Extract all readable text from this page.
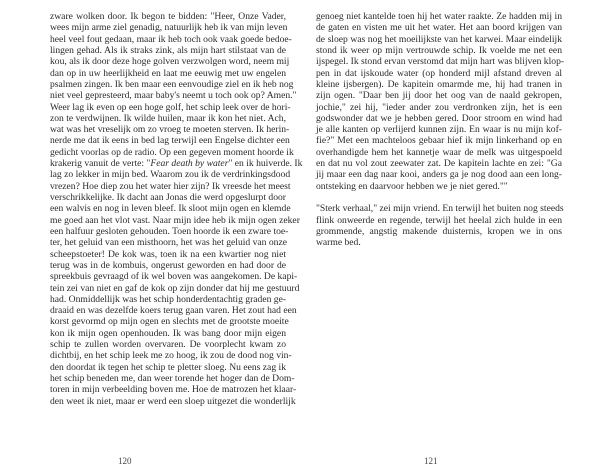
zware wolken door. Ik begon te bidden: "Heer, Onze Vader,
wees mijn arme ziel genadig, natuurlijk heb ik van mijn leven
heel veel fout gedaan, maar ik heb toch ook vaak goede bedoe-
lingen gehad. Als ik straks zink, als mijn hart stilstaat van de
kou, als ik door deze hoge golven verzwolgen word, neem mij
dan op in uw heerlijkheid en laat me eeuwig met uw engelen
psalmen zingen. Ik ben maar een eenvoudige ziel en ik heb nog
niet veel gepresteerd, maar baby's neemt u toch ook op? Amen."
Weer lag ik even op een hoge golf, het schip leek over de hori-
zon te verdwijnen. Ik wilde huilen, maar ik kon het niet. Ach,
wat was het vreselijk om zo vroeg te moeten sterven. Ik herin-
nerde me dat ik eens in bed lag terwijl een Engelse dichter een
gedicht voorlas op de radio. Op een gegeven moment hoorde ik
krakerig vanuit de verte: "Fear death by water" en ik huiverde. Ik
lag zo lekker in mijn bed. Waarom zou ik de verdrinkingsdood
vrezen? Hoe diep zou het water hier zijn? Ik vreesde het meest
verschrikkelijke. Ik dacht aan Jonas die werd opgeslurpt door
een walvis en nog in leven bleef. Ik sloot mijn ogen en klemde
me goed aan het vlot vast. Naar mijn idee heb ik mijn ogen zeker
een halfuur gesloten gehouden. Toen hoorde ik een zware toe-
ter, het geluid van een misthoorn, het was het geluid van onze
scheepstoeter! De kok was, toen ik na een kwartier nog niet
terug was in de kombuis, ongerust geworden en had door de
spreekbuis gevraagd of ik wel boven was aangekomen. De kapi-
tein zei van niet en gaf de kok op zijn donder dat hij me gestuurd
had. Onmiddellijk was het schip honderdentachtig graden ge-
draaid en was dezelfde koers terug gaan varen. Het zout had een
korst gevormd op mijn ogen en slechts met de grootste moeite
kon ik mijn ogen openhouden. Ik was bang door mijn eigen
schip te zullen worden overvaren. De voorplecht kwam zo
dichtbij, en het schip leek me zo hoog, ik zou de dood nog vin-
den doordat ik tegen het schip te pletter sloeg. Nu eens zag ik
het schip beneden me, dan weer torende het hoger dan de Dom-
toren in mijn verbeelding boven me. Hoe de matrozen het klaar-
den weet ik niet, maar er werd een sloep uitgezet die wonderlijk
genoeg niet kantelde toen hij het water raakte. Ze hadden mij in
de gaten en visten me uit het water. Het aan boord krijgen van
de sloep was nog het moeilijkste van het karwei. Maar eindelijk
stond ik weer op mijn vertrouwde schip. Ik voelde me net een
ijspegel. Ik stond ervan verstomd dat mijn hart was blijven klop-
pen in dat ijskoude water (op honderd mijl afstand dreven al
kleine ijsbergen). De kapitein omarmde me, hij had tranen in
zijn ogen. "Daar ben jij door het oog van de naald gekropen,
jochie," zei hij, "ieder ander zou verdronken zijn, het is een
godswonder dat we je hebben gered. Door stroom en wind had
je alle kanten op verlijerd kunnen zijn. En waar is nu mijn kof-
fie?" Met een machteloos gebaar hief ik mijn linkerhand op en
overhandigde hem het kannetje waar de melk was uitgespoeld
en dat nu vol zout zeewater zat. De kapitein lachte en zei: "Ga
jij maar een dag naar kooi, anders ga je nog dood aan een long-
ontsteking en daarvoor hebben we je niet gered.""
"Sterk verhaal," zei mijn vriend. En terwijl het buiten nog steeds
flink onweerde en regende, terwijl het heelal zich hulde in een
grommende, angstig makende duisternis, kropen we in ons
warme bed.
120	121
